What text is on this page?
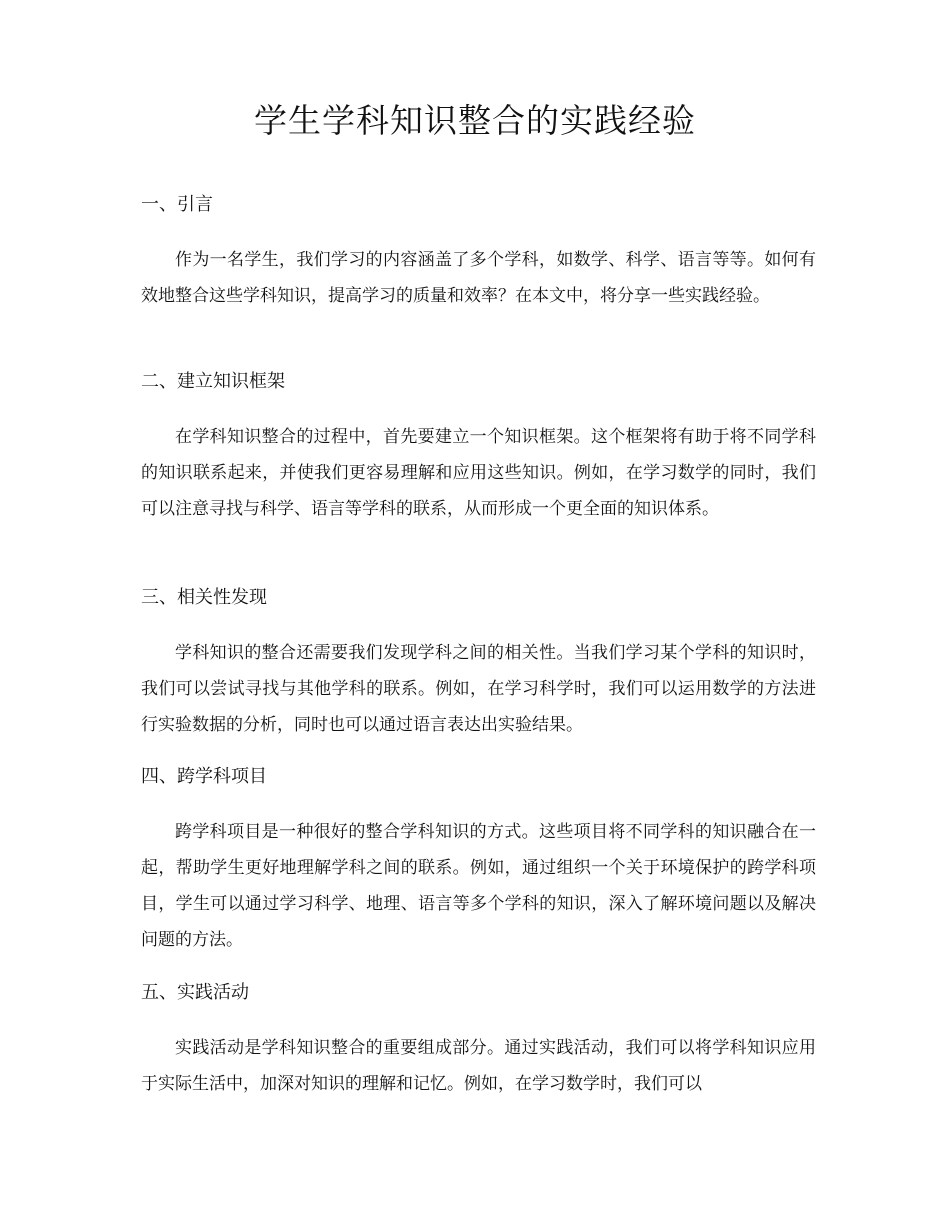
学生学科知识整合的实践经验
一、引言

作为一名学生，我们学习的内容涵盖了多个学科，如数学、科学、语言等等。如何有效地整合这些学科知识，提高学习的质量和效率？在本文中，将分享一些实践经验。

二、建立知识框架

在学科知识整合的过程中，首先要建立一个知识框架。这个框架将有助于将不同学科的知识联系起来，并使我们更容易理解和应用这些知识。例如，在学习数学的同时，我们可以注意寻找与科学、语言等学科的联系，从而形成一个更全面的知识体系。

三、相关性发现

学科知识的整合还需要我们发现学科之间的相关性。当我们学习某个学科的知识时，我们可以尝试寻找与其他学科的联系。例如，在学习科学时，我们可以运用数学的方法进行实验数据的分析，同时也可以通过语言表达出实验结果。

四、跨学科项目

跨学科项目是一种很好的整合学科知识的方式。这些项目将不同学科的知识融合在一起，帮助学生更好地理解学科之间的联系。例如，通过组织一个关于环境保护的跨学科项目，学生可以通过学习科学、地理、语言等多个学科的知识，深入了解环境问题以及解决问题的方法。

五、实践活动

实践活动是学科知识整合的重要组成部分。通过实践活动，我们可以将学科知识应用于实际生活中，加深对知识的理解和记忆。例如，在学习数学时，我们可以
